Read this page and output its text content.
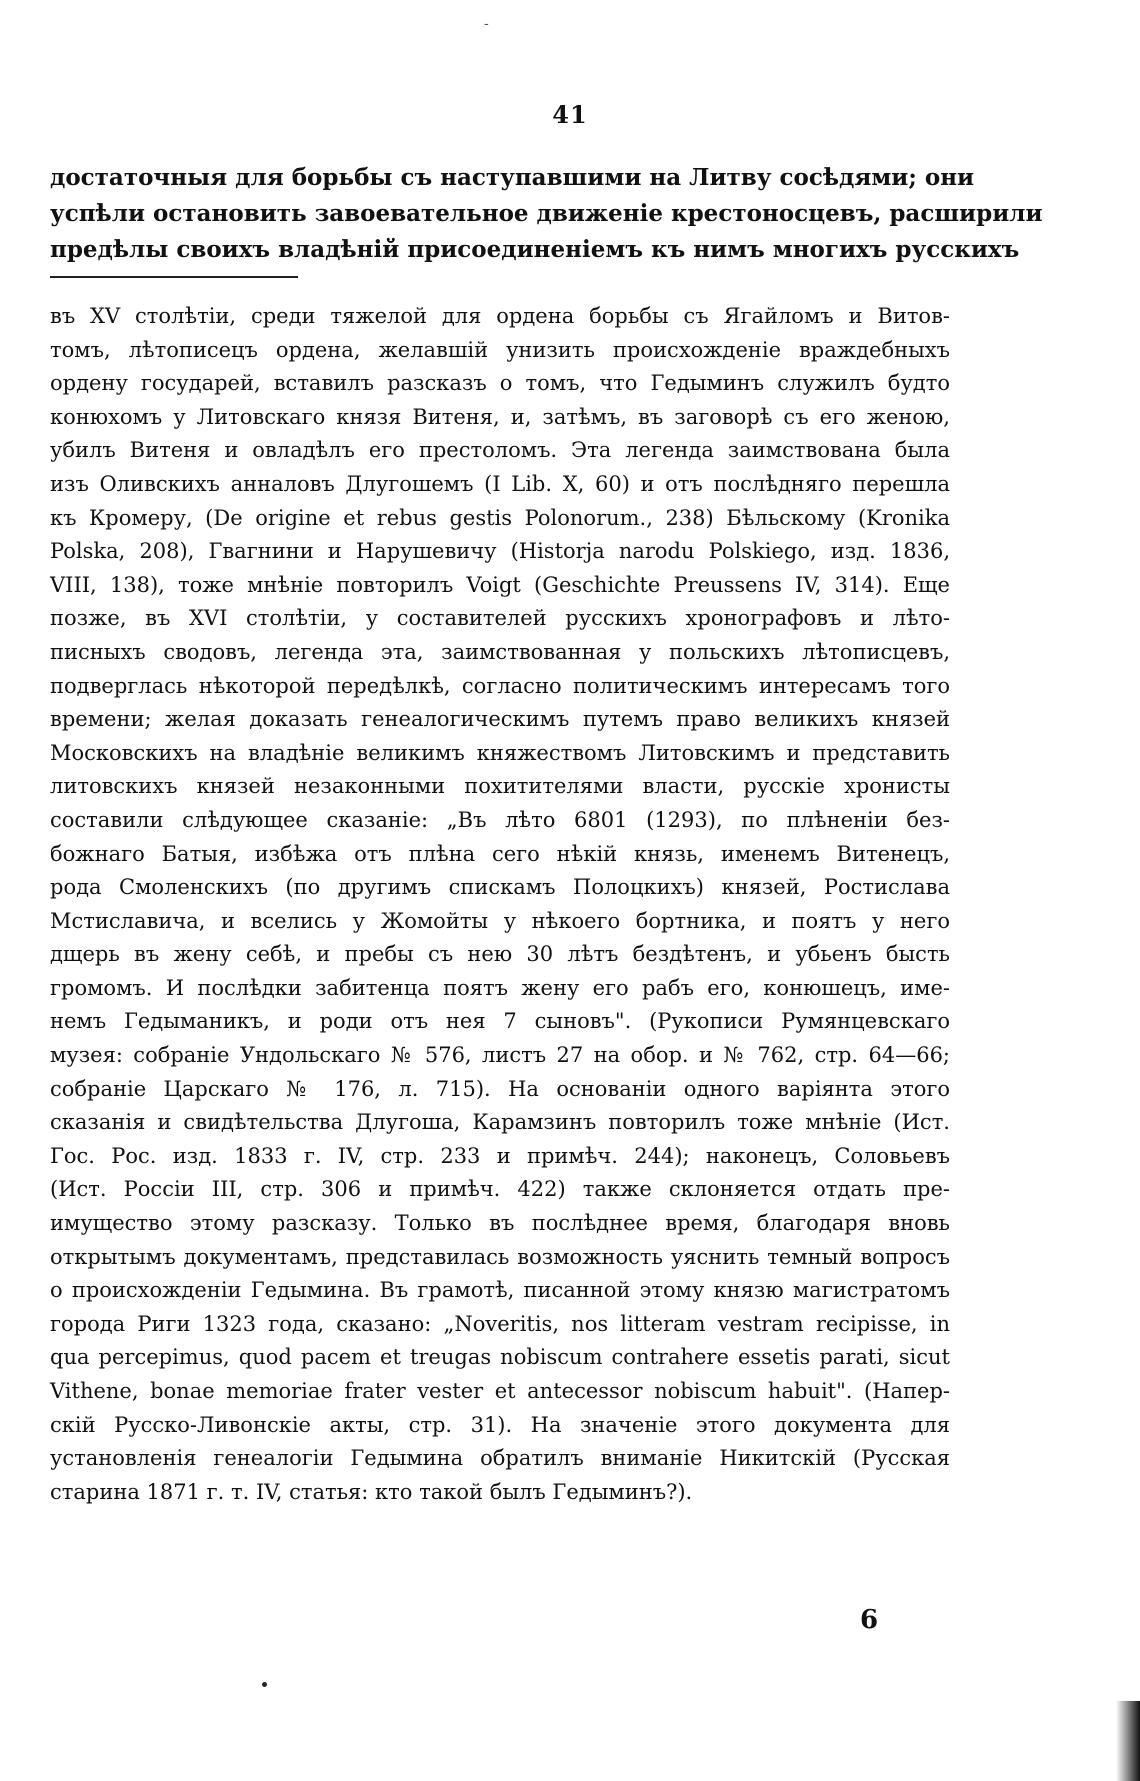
-
41
достаточныя для борьбы съ наступавшими на Литву сосѣдями; они
успѣли остановить завоевательное движеніе крестоносцевъ, расширили
предѣлы своихъ владѣній присоединеніемъ къ нимъ многихъ русскихъ
въ XV столѣтіи, среди тяжелой для ордена борьбы съ Ягайломъ и Витов-
томъ, лѣтописецъ ордена, желавшій унизить происхожденіе враждебныхъ
ордену государей, вставилъ разсказъ о томъ, что Гедыминъ служилъ будто
конюхомъ у Литовскаго князя Витеня, и, затѣмъ, въ заговорѣ съ его женою,
убилъ Витеня и овладѣлъ его престоломъ. Эта легенда заимствована была
изъ Оливскихъ анналовъ Длугошемъ (I Lib. X, 60) и отъ послѣдняго перешла
къ Кромеру, (De origine et rebus gestis Polonorum., 238) Бѣльскому (Kronika
Polska, 208), Гвагнини и Нарушевичу (Historja narodu Polskiego, изд. 1836,
VIII, 138), тоже мнѣніе повторилъ Voigt (Geschichte Preussens IV, 314). Еще
позже, въ XVI столѣтіи, у составителей русскихъ хронографовъ и лѣто-
писныхъ сводовъ, легенда эта, заимствованная у польскихъ лѣтописцевъ,
подверглась нѣкоторой передѣлкѣ, согласно политическимъ интересамъ того
времени; желая доказать генеалогическимъ путемъ право великихъ князей
Московскихъ на владѣніе великимъ княжествомъ Литовскимъ и представить
литовскихъ князей незаконными похитителями власти, русскіе хронисты
составили слѣдующее сказаніе: „Въ лѣто 6801 (1293), по плѣненіи без-
божнаго Батыя, избѣжа отъ плѣна сего нѣкій князь, именемъ Витенецъ,
рода Смоленскихъ (по другимъ спискамъ Полоцкихъ) князей, Ростислава
Мстиславича, и вселись у Жомойты у нѣкоего бортника, и поятъ у него
дщерь въ жену себѣ, и пребы съ нею 30 лѣтъ бездѣтенъ, и убьенъ бысть
громомъ. И послѣдки забитенца поятъ жену его рабъ его, конюшецъ, име-
немъ Гедыманикъ, и роди отъ нея 7 сыновъ". (Рукописи Румянцевскаго
музея: собраніе Ундольскаго № 576, листъ 27 на обор. и № 762, стр. 64—66;
собраніе Царскаго № 176, л. 715). На основаніи одного варіянта этого
сказанія и свидѣтельства Длугоша, Карамзинъ повторилъ тоже мнѣніе (Ист.
Гос. Рос. изд. 1833 г. IV, стр. 233 и примѣч. 244); наконецъ, Соловьевъ
(Ист. Россіи III, стр. 306 и примѣч. 422) также склоняется отдать пре-
имущество этому разсказу. Только въ послѣднее время, благодаря вновь
открытымъ документамъ, представилась возможность уяснить темный вопросъ
о происхожденіи Гедымина. Въ грамотѣ, писанной этому князю магистратомъ
города Риги 1323 года, сказано: „Noveritis, nos litteram vestram recipisse, in
qua percepimus, quod pacem et treugas nobiscum contrahere essetis parati, sicut
Vithene, bonae memoriae frater vester et antecessor nobiscum habuit". (Напер-
скій Русско-Ливонскіе акты, стр. 31). На значеніе этого документа для
установленія генеалогіи Гедымина обратилъ вниманіе Никитскій (Русская
старина 1871 г. т. IV, статья: кто такой былъ Гедыминъ?).
6
